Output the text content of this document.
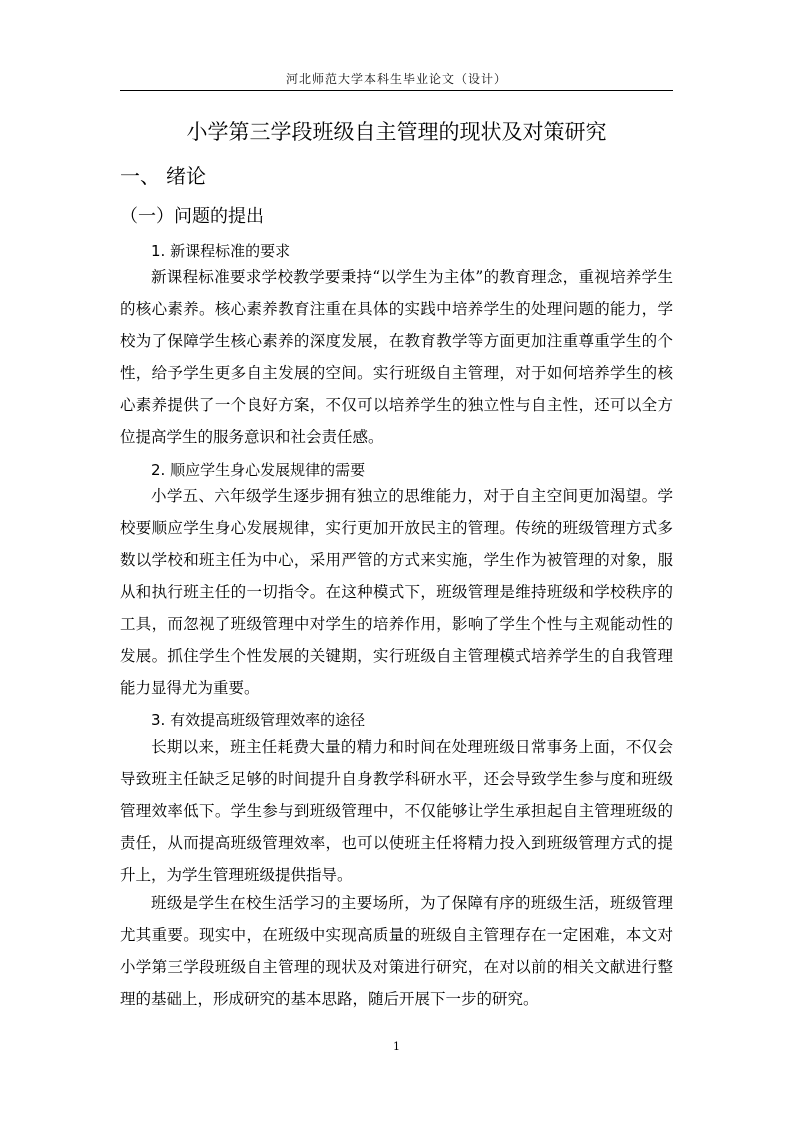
河北师范大学本科生毕业论文（设计）
小学第三学段班级自主管理的现状及对策研究
一、 绪论
（一）问题的提出
1. 新课程标准的要求

新课程标准要求学校教学要秉持“以学生为主体”的教育理念，重视培养学生的核心素养。核心素养教育注重在具体的实践中培养学生的处理问题的能力，学校为了保障学生核心素养的深度发展，在教育教学等方面更加注重尊重学生的个性，给予学生更多自主发展的空间。实行班级自主管理，对于如何培养学生的核心素养提供了一个良好方案，不仅可以培养学生的独立性与自主性，还可以全方位提高学生的服务意识和社会责任感。

2. 顺应学生身心发展规律的需要

小学五、六年级学生逐步拥有独立的思维能力，对于自主空间更加渴望。学校要顺应学生身心发展规律，实行更加开放民主的管理。传统的班级管理方式多数以学校和班主任为中心，采用严管的方式来实施，学生作为被管理的对象，服从和执行班主任的一切指令。在这种模式下，班级管理是维持班级和学校秩序的工具，而忽视了班级管理中对学生的培养作用，影响了学生个性与主观能动性的发展。抓住学生个性发展的关键期，实行班级自主管理模式培养学生的自我管理能力显得尤为重要。

3. 有效提高班级管理效率的途径

长期以来，班主任耗费大量的精力和时间在处理班级日常事务上面，不仅会导致班主任缺乏足够的时间提升自身教学科研水平，还会导致学生参与度和班级管理效率低下。学生参与到班级管理中，不仅能够让学生承担起自主管理班级的责任，从而提高班级管理效率，也可以使班主任将精力投入到班级管理方式的提升上，为学生管理班级提供指导。

班级是学生在校生活学习的主要场所，为了保障有序的班级生活，班级管理尤其重要。现实中，在班级中实现高质量的班级自主管理存在一定困难，本文对小学第三学段班级自主管理的现状及对策进行研究，在对以前的相关文献进行整理的基础上，形成研究的基本思路，随后开展下一步的研究。

1
